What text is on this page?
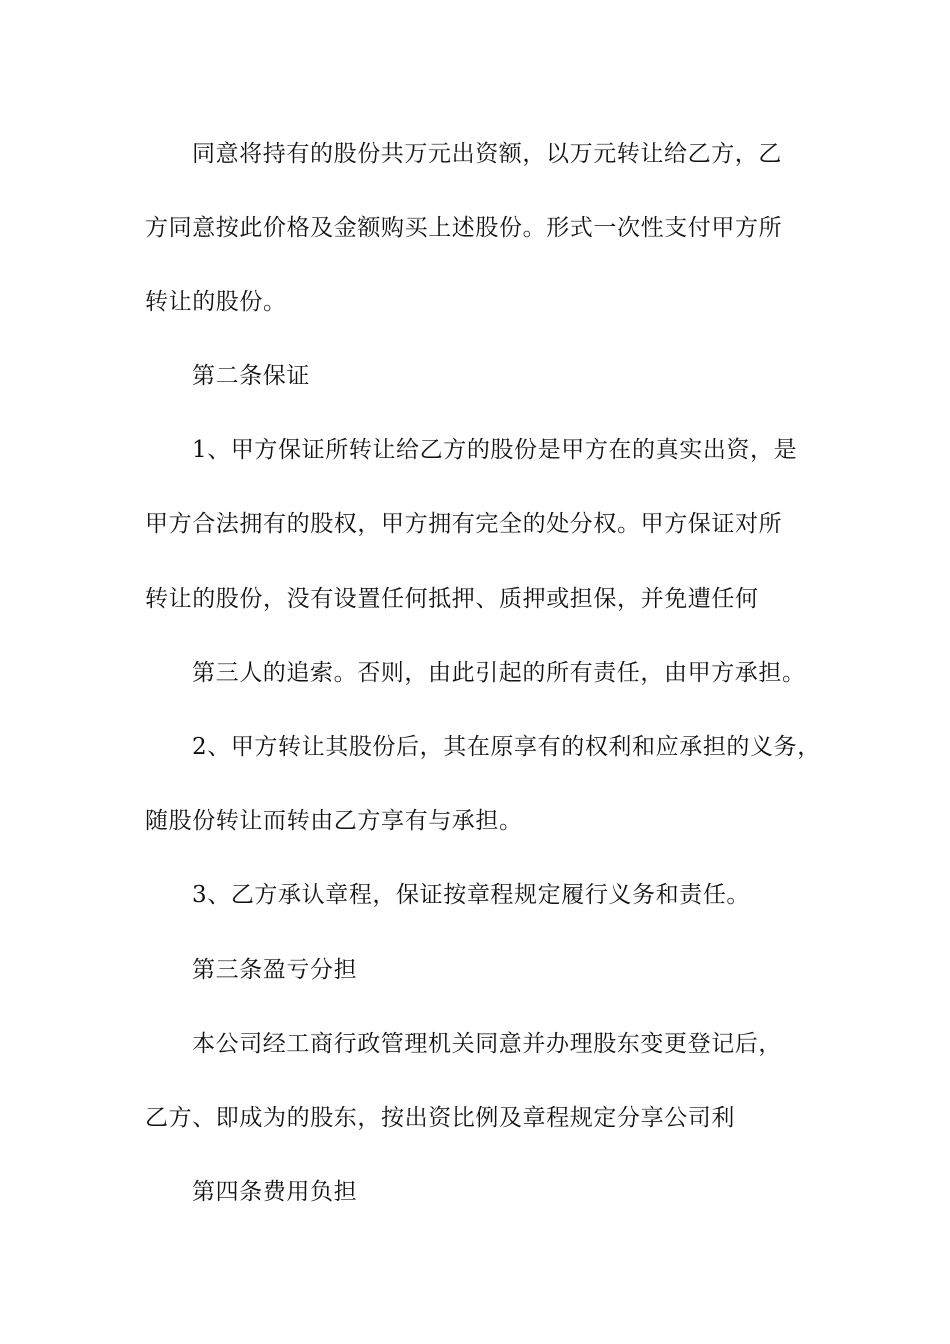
同意将持有的股份共万元出资额，以万元转让给乙方，乙
方同意按此价格及金额购买上述股份。形式一次性支付甲方所
转让的股份。
第二条保证
1、甲方保证所转让给乙方的股份是甲方在的真实出资，是
甲方合法拥有的股权，甲方拥有完全的处分权。甲方保证对所
转让的股份，没有设置任何抵押、质押或担保，并免遭任何
第三人的追索。否则，由此引起的所有责任，由甲方承担。
2、甲方转让其股份后，其在原享有的权利和应承担的义务，
随股份转让而转由乙方享有与承担。
3、乙方承认章程，保证按章程规定履行义务和责任。
第三条盈亏分担
本公司经工商行政管理机关同意并办理股东变更登记后，
乙方、即成为的股东，按出资比例及章程规定分享公司利
第四条费用负担
